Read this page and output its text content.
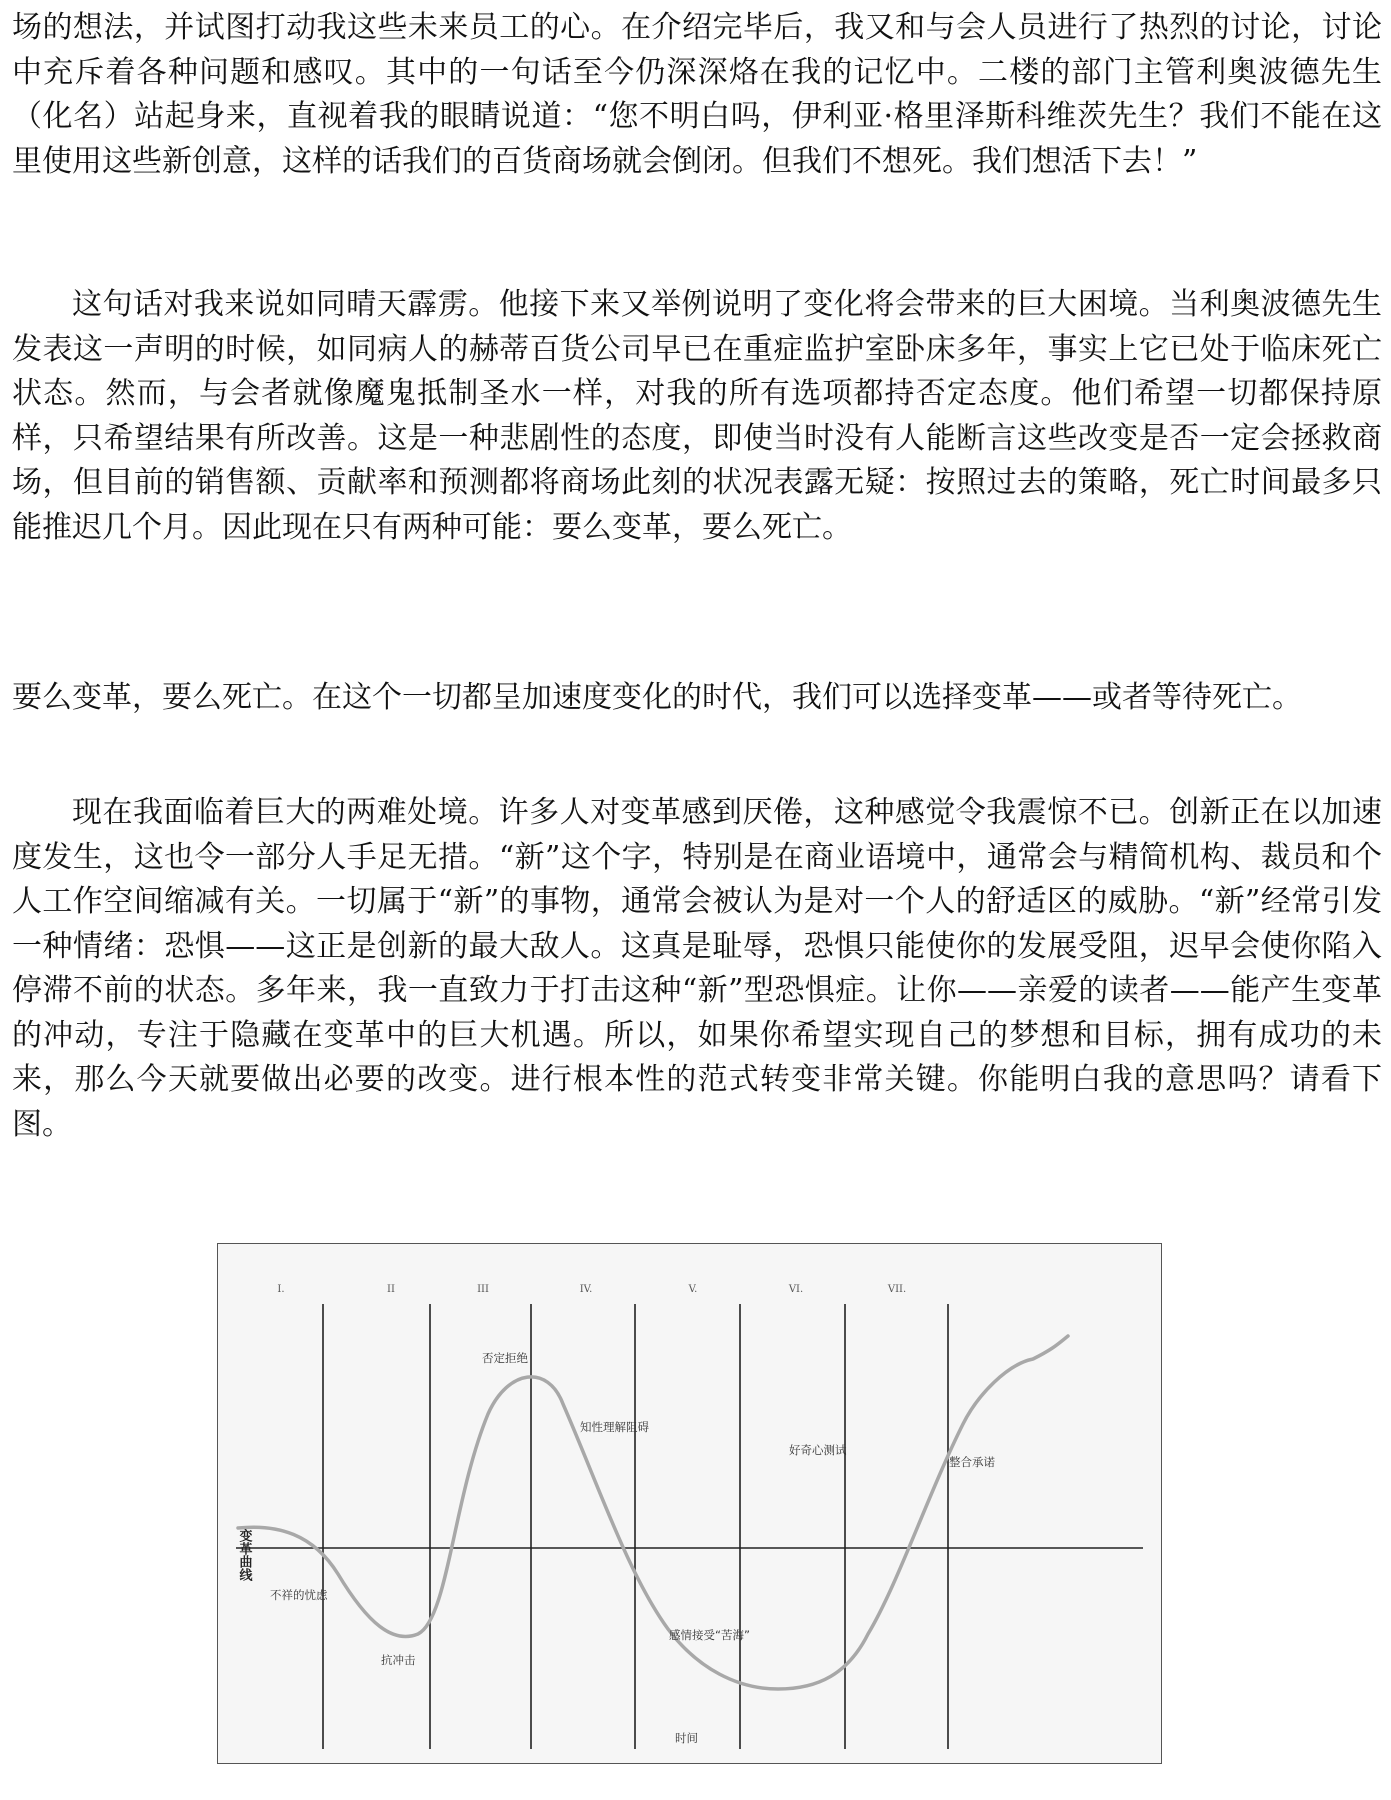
场的想法，并试图打动我这些未来员工的心。在介绍完毕后，我又和与会人员进行了热烈的讨论，讨论中充斥着各种问题和感叹。其中的一句话至今仍深深烙在我的记忆中。二楼的部门主管利奥波德先生（化名）站起身来，直视着我的眼睛说道：“您不明白吗，伊利亚·格里泽斯科维茨先生？我们不能在这里使用这些新创意，这样的话我们的百货商场就会倒闭。但我们不想死。我们想活下去！”

这句话对我来说如同晴天霹雳。他接下来又举例说明了变化将会带来的巨大困境。当利奥波德先生发表这一声明的时候，如同病人的赫蒂百货公司早已在重症监护室卧床多年，事实上它已处于临床死亡状态。然而，与会者就像魔鬼抵制圣水一样，对我的所有选项都持否定态度。他们希望一切都保持原样，只希望结果有所改善。这是一种悲剧性的态度，即使当时没有人能断言这些改变是否一定会拯救商场，但目前的销售额、贡献率和预测都将商场此刻的状况表露无疑：按照过去的策略，死亡时间最多只能推迟几个月。因此现在只有两种可能：要么变革，要么死亡。

要么变革，要么死亡。在这个一切都呈加速度变化的时代，我们可以选择变革——或者等待死亡。

现在我面临着巨大的两难处境。许多人对变革感到厌倦，这种感觉令我震惊不已。创新正在以加速度发生，这也令一部分人手足无措。“新”这个字，特别是在商业语境中，通常会与精简机构、裁员和个人工作空间缩减有关。一切属于“新”的事物，通常会被认为是对一个人的舒适区的威胁。“新”经常引发一种情绪：恐惧——这正是创新的最大敌人。这真是耻辱，恐惧只能使你的发展受阻，迟早会使你陷入停滞不前的状态。多年来，我一直致力于打击这种“新”型恐惧症。让你——亲爱的读者——能产生变革的冲动，专注于隐藏在变革中的巨大机遇。所以，如果你希望实现自己的梦想和目标，拥有成功的未来，那么今天就要做出必要的改变。进行根本性的范式转变非常关键。你能明白我的意思吗？请看下图。

I.	II	III	IV.	V.	VI.	VII.
变革曲线
时间
不祥的忧虑
抗冲击
否定拒绝
知性理解阻碍
感情接受“苦海”
好奇心测试
整合承诺
